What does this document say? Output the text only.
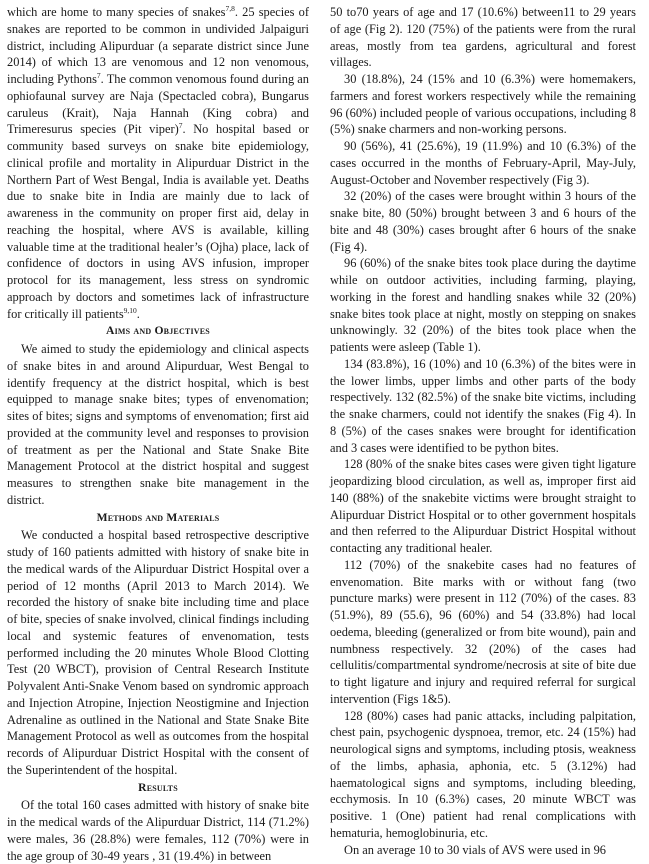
which are home to many species of snakes$^{7,8}$. 25 species of snakes are reported to be common in undivided Jalpaiguri district, including Alipurduar (a separate district since June 2014) of which 13 are venomous and 12 non venomous, including Pythons$^7$. The common venomous found during an ophiofaunal survey are Naja (Spectacled cobra), Bungarus caruleus (Krait), Naja Hannah (King cobra) and Trimeresurus species (Pit viper)$^7$. No hospital based or community based surveys on snake bite epidemiology, clinical profile and mortality in Alipurduar District in the Northern Part of West Bengal, India is available yet. Deaths due to snake bite in India are mainly due to lack of awareness in the community on proper first aid, delay in reaching the hospital, where AVS is available, killing valuable time at the traditional healer’s (Ojha) place, lack of confidence of doctors in using AVS infusion, improper protocol for its management, less stress on syndromic approach by doctors and sometimes lack of infrastructure for critically ill patients$^{9,10}$.

Aims and Objectives

We aimed to study the epidemiology and clinical aspects of snake bites in and around Alipurduar, West Bengal to identify frequency at the district hospital, which is best equipped to manage snake bites; types of envenomation; sites of bites; signs and symptoms of envenomation; first aid provided at the community level and responses to provision of treatment as per the National and State Snake Bite Management Protocol at the district hospital and suggest measures to strengthen snake bite management in the district.

Methods and Materials

We conducted a hospital based retrospective descriptive study of 160 patients admitted with history of snake bite in the medical wards of the Alipurduar District Hospital over a period of 12 months (April 2013 to March 2014). We recorded the history of snake bite including time and place of bite, species of snake involved, clinical findings including local and systemic features of envenomation, tests performed including the 20 minutes Whole Blood Clotting Test (20 WBCT), provision of Central Research Institute Polyvalent Anti-Snake Venom based on syndromic approach and Injection Atropine, Injection Neostigmine and Injection Adrenaline as outlined in the National and State Snake Bite Management Protocol as well as outcomes from the hospital records of Alipurduar District Hospital with the consent of the Superintendent of the hospital.

Results

Of the total 160 cases admitted with history of snake bite in the medical wards of the Alipurduar District, 114 (71.2%) were males, 36 (28.8%) were females, 112 (70%) were in the age group of 30-49 years , 31 (19.4%) in between

50 to70 years of age and 17 (10.6%) between11 to 29 years of age (Fig 2). 120 (75%) of the patients were from the rural areas, mostly from tea gardens, agricultural and forest villages.

30 (18.8%), 24 (15% and 10 (6.3%) were homemakers, farmers and forest workers respectively while the remaining 96 (60%) included people of various occupations, including 8 (5%) snake charmers and non-working persons.

90 (56%), 41 (25.6%), 19 (11.9%) and 10 (6.3%) of the cases occurred in the months of February-April, May-July, August-October and November respectively (Fig 3).

32 (20%) of the cases were brought within 3 hours of the snake bite, 80 (50%) brought between 3 and 6 hours of the bite and 48 (30%) cases brought after 6 hours of the snake (Fig 4).

96 (60%) of the snake bites took place during the daytime while on outdoor activities, including farming, playing, working in the forest and handling snakes while 32 (20%) snake bites took place at night, mostly on stepping on snakes unknowingly. 32 (20%) of the bites took place when the patients were asleep (Table 1).

134 (83.8%), 16 (10%) and 10 (6.3%) of the bites were in the lower limbs, upper limbs and other parts of the body respectively. 132 (82.5%) of the snake bite victims, including the snake charmers, could not identify the snakes (Fig 4). In 8 (5%) of the cases snakes were brought for identification and 3 cases were identified to be python bites.

128 (80% of the snake bites cases were given tight ligature jeopardizing blood circulation, as well as, improper first aid 140 (88%) of the snakebite victims were brought straight to Alipurduar District Hospital or to other government hospitals and then referred to the Alipurduar District Hospital without contacting any traditional healer.

112 (70%) of the snakebite cases had no features of envenomation. Bite marks with or without fang (two puncture marks) were present in 112 (70%) of the cases. 83 (51.9%), 89 (55.6), 96 (60%) and 54 (33.8%) had local oedema, bleeding (generalized or from bite wound), pain and numbness respectively. 32 (20%) of the cases had cellulitis/compartmental syndrome/necrosis at site of bite due to tight ligature and injury and required referral for surgical intervention (Figs 1&5).

128 (80%) cases had panic attacks, including palpitation, chest pain, psychogenic dyspnoea, tremor, etc. 24 (15%) had neurological signs and symptoms, including ptosis, weakness of the limbs, aphasia, aphonia, etc. 5 (3.12%) had haematological signs and symptoms, including bleeding, ecchymosis. In 10 (6.3%) cases, 20 minute WBCT was positive. 1 (One) patient had renal complications with hematuria, hemoglobinuria, etc.

On an average 10 to 30 vials of AVS were used in 96
